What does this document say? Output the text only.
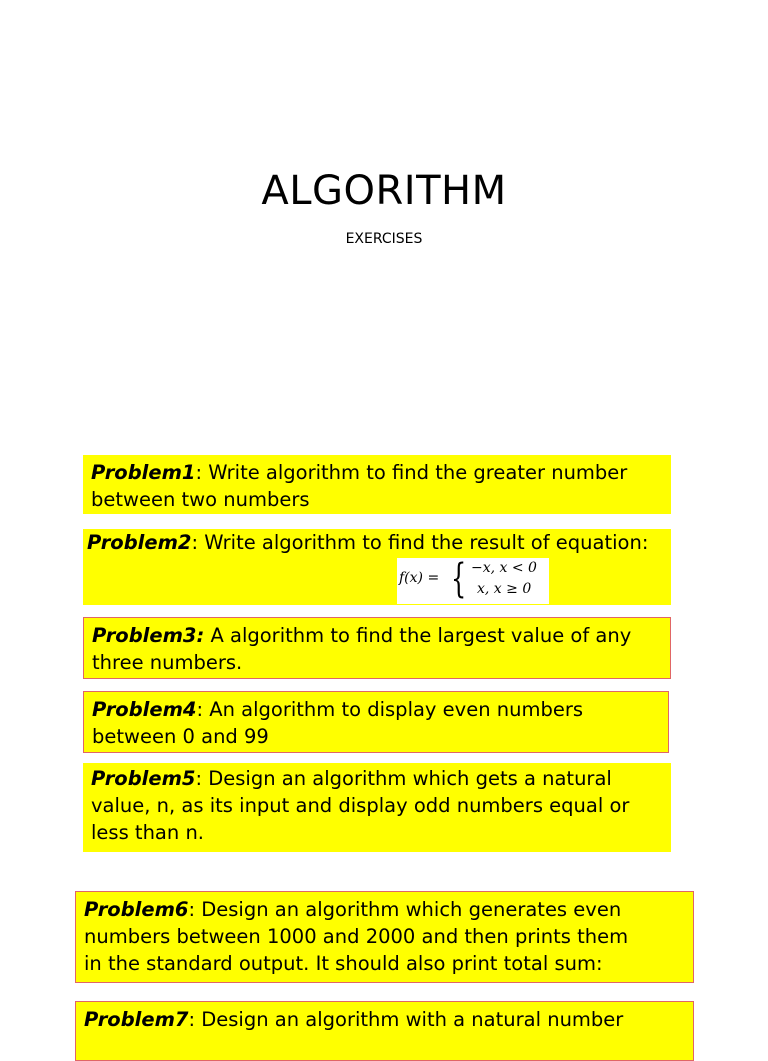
ALGORITHM
EXERCISES
Problem1: Write algorithm to find the greater number
between two numbers
Problem2: Write algorithm to find the result of equation:
f(x) = { −x, x < 0
x, x ≥ 0
Problem3: A algorithm to find the largest value of any
three numbers.
Problem4: An algorithm to display even numbers
between 0 and 99
Problem5: Design an algorithm which gets a natural
value, n, as its input and display odd numbers equal or
less than n.
Problem6: Design an algorithm which generates even
numbers between 1000 and 2000 and then prints them
in the standard output. It should also print total sum:
Problem7: Design an algorithm with a natural number
